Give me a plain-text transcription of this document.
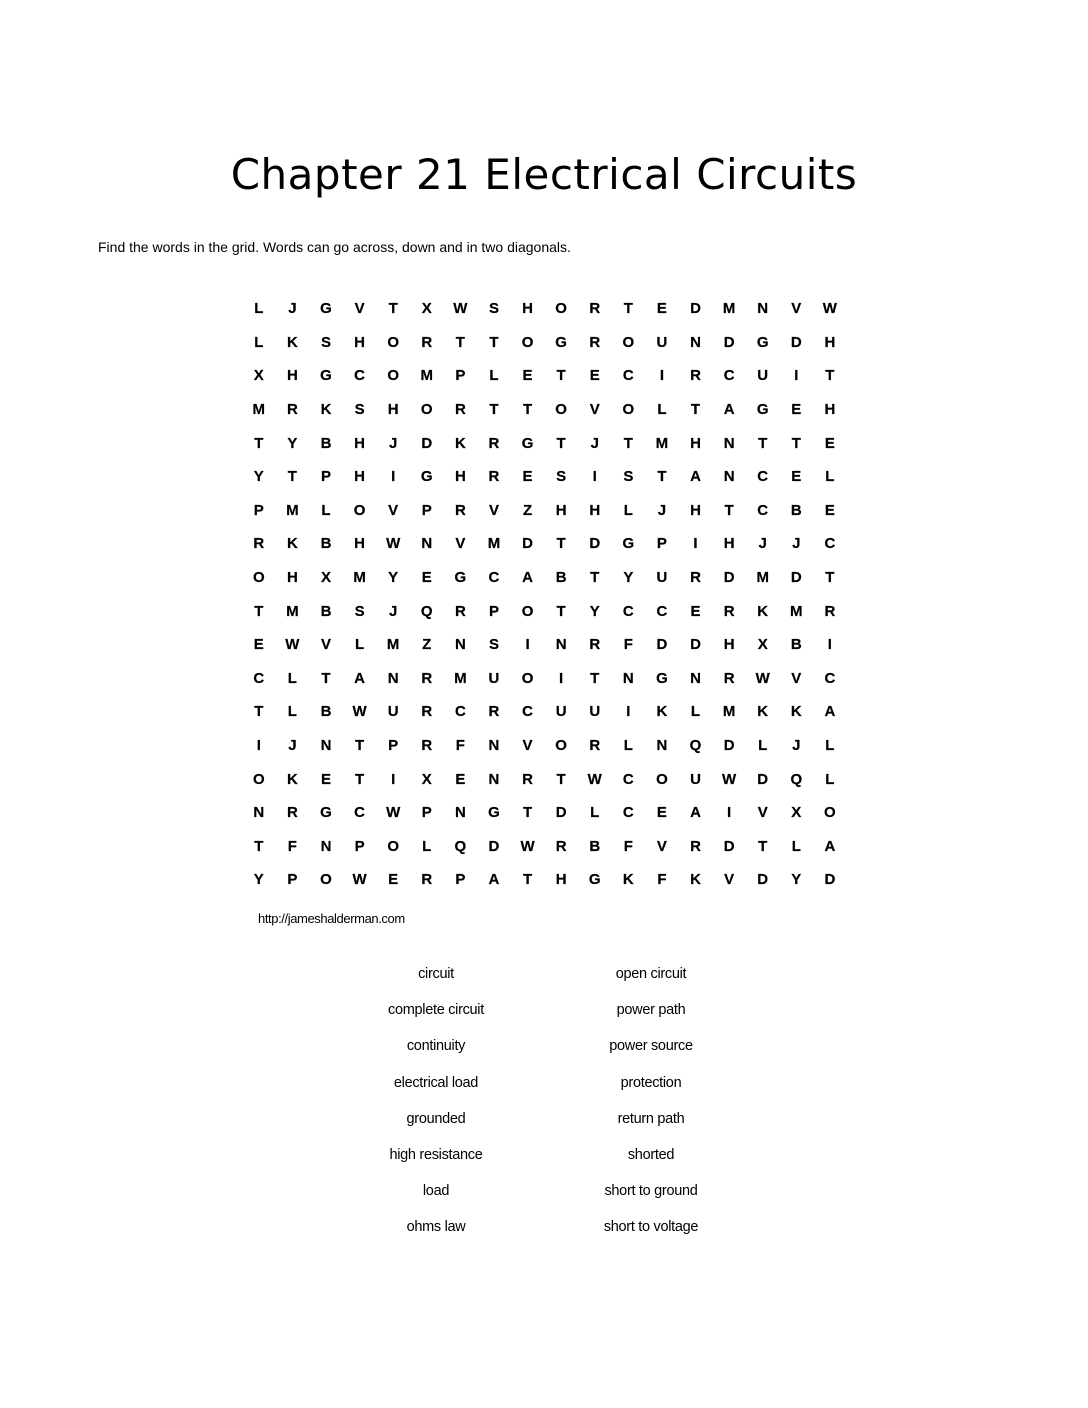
Chapter 21 Electrical Circuits

Find the words in the grid. Words can go across, down and in two diagonals.

L	J	G	V	T	X	W	S	H	O	R	T	E	D	M	N	V	W
L	K	S	H	O	R	T	T	O	G	R	O	U	N	D	G	D	H
X	H	G	C	O	M	P	L	E	T	E	C	I	R	C	U	I	T
M	R	K	S	H	O	R	T	T	O	V	O	L	T	A	G	E	H
T	Y	B	H	J	D	K	R	G	T	J	T	M	H	N	T	T	E
Y	T	P	H	I	G	H	R	E	S	I	S	T	A	N	C	E	L
P	M	L	O	V	P	R	V	Z	H	H	L	J	H	T	C	B	E
R	K	B	H	W	N	V	M	D	T	D	G	P	I	H	J	J	C
O	H	X	M	Y	E	G	C	A	B	T	Y	U	R	D	M	D	T
T	M	B	S	J	Q	R	P	O	T	Y	C	C	E	R	K	M	R
E	W	V	L	M	Z	N	S	I	N	R	F	D	D	H	X	B	I
C	L	T	A	N	R	M	U	O	I	T	N	G	N	R	W	V	C
T	L	B	W	U	R	C	R	C	U	U	I	K	L	M	K	K	A
I	J	N	T	P	R	F	N	V	O	R	L	N	Q	D	L	J	L
O	K	E	T	I	X	E	N	R	T	W	C	O	U	W	D	Q	L
N	R	G	C	W	P	N	G	T	D	L	C	E	A	I	V	X	O
T	F	N	P	O	L	Q	D	W	R	B	F	V	R	D	T	L	A
Y	P	O	W	E	R	P	A	T	H	G	K	F	K	V	D	Y	D

http://jameshalderman.com

circuit	open circuit
complete circuit	power path
continuity	power source
electrical load	protection
grounded	return path
high resistance	shorted
load	short to ground
ohms law	short to voltage
